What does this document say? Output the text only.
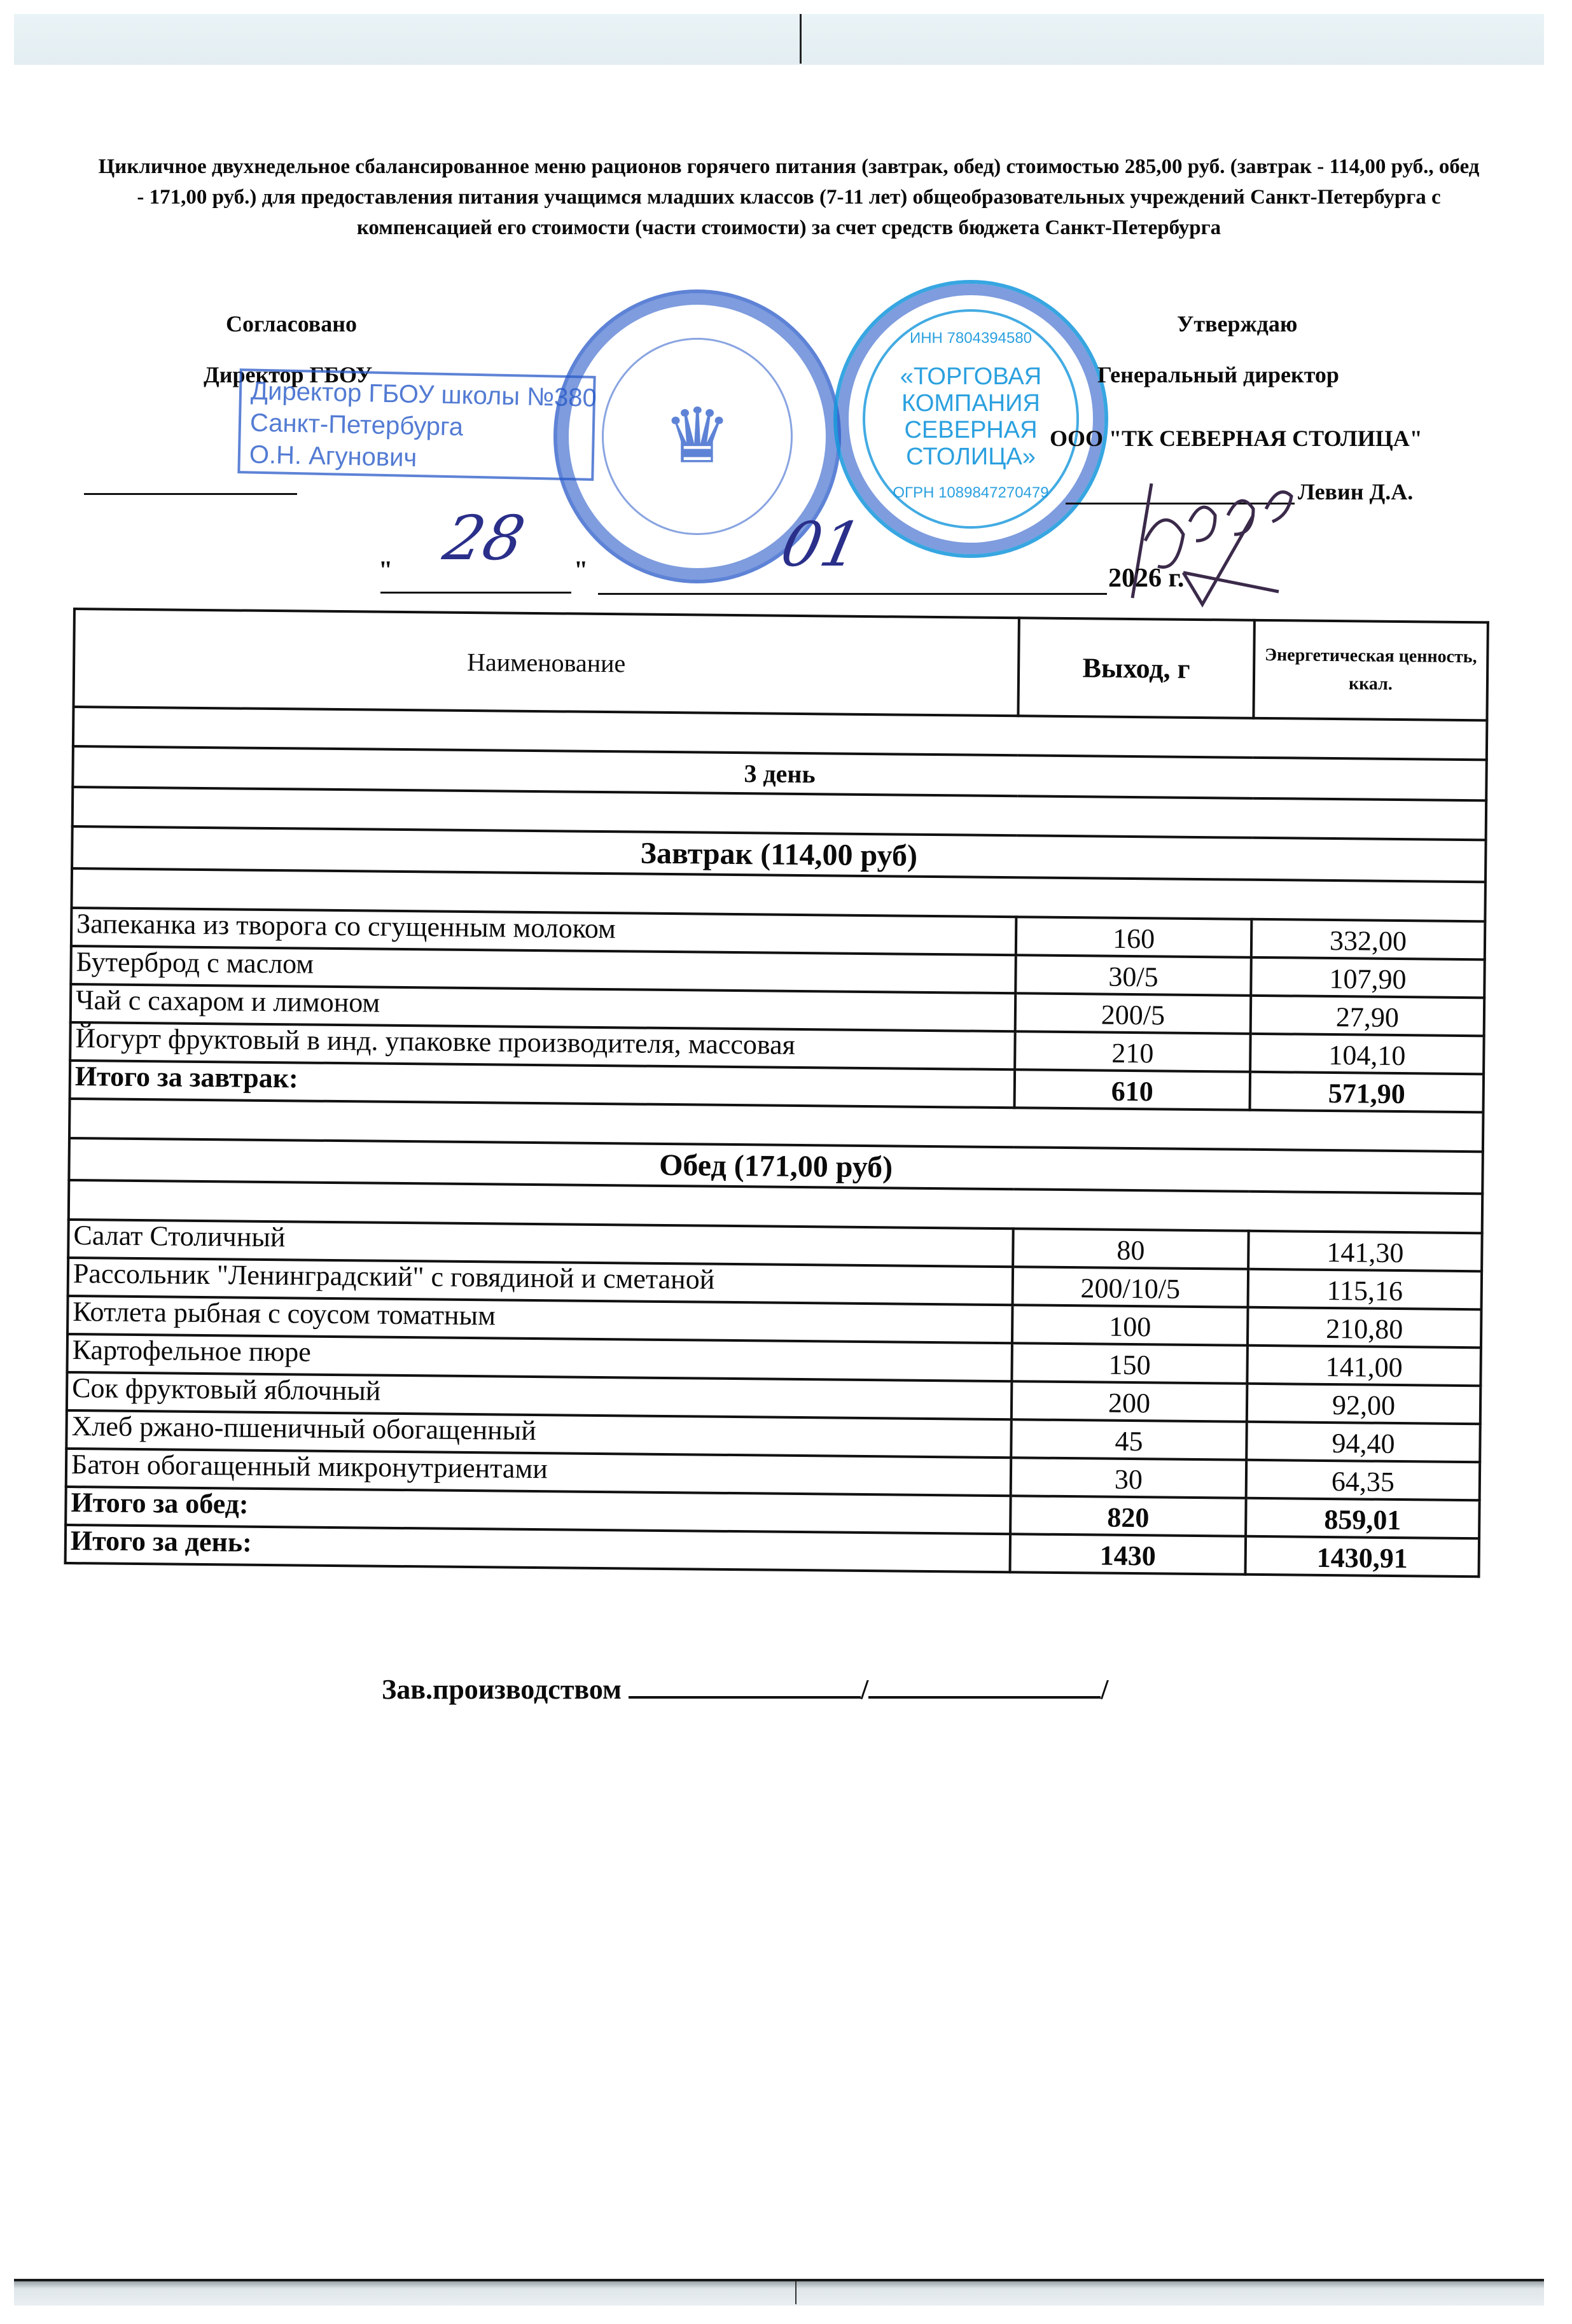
Цикличное двухнедельное сбалансированное меню рационов горячего питания (завтрак, обед) стоимостью 285,00 руб. (завтрак - 114,00 руб., обед - 171,00 руб.) для предоставления питания учащимся младших классов (7-11 лет) общеобразовательных учреждений Санкт-Петербурга с компенсацией его стоимости (части стоимости) за счет средств бюджета Санкт-Петербурга
Согласовано
Директор ГБОУ
Директор ГБОУ школы №380
Санкт-Петербурга
О.Н. Агунович	♛
ИНН 7804394580
«ТОРГОВАЯ
КОМПАНИЯ
СЕВЕРНАЯ
СТОЛИЦА»
ОГРН 1089847270479
Утверждаю
Генеральный директор
ООО "ТК СЕВЕРНАЯ СТОЛИЦА"
Левин Д.А.
" 28 "	01	2026 г.
Наименование	Выход, г	Энергетическая ценность, ккал.

3 день		

Завтрак (114,00 руб)		

Запеканка из творога со сгущенным молоком	160	332,00
Бутерброд с маслом	30/5	107,90
Чай с сахаром и лимоном	200/5	27,90
Йогурт фруктовый в инд. упаковке производителя, массовая	210	104,10
Итого за завтрак:	610	571,90

Обед (171,00 руб)		

Салат Столичный	80	141,30
Рассольник "Ленинградский" с говядиной и сметаной	200/10/5	115,16
Котлета рыбная с соусом томатным	100	210,80
Картофельное пюре	150	141,00
Сок фруктовый яблочный	200	92,00
Хлеб ржано-пшеничный обогащенный	45	94,40
Батон обогащенный микронутриентами	30	64,35
Итого за обед:	820	859,01
Итого за день:	1430	1430,91
Зав.производством	/	/
